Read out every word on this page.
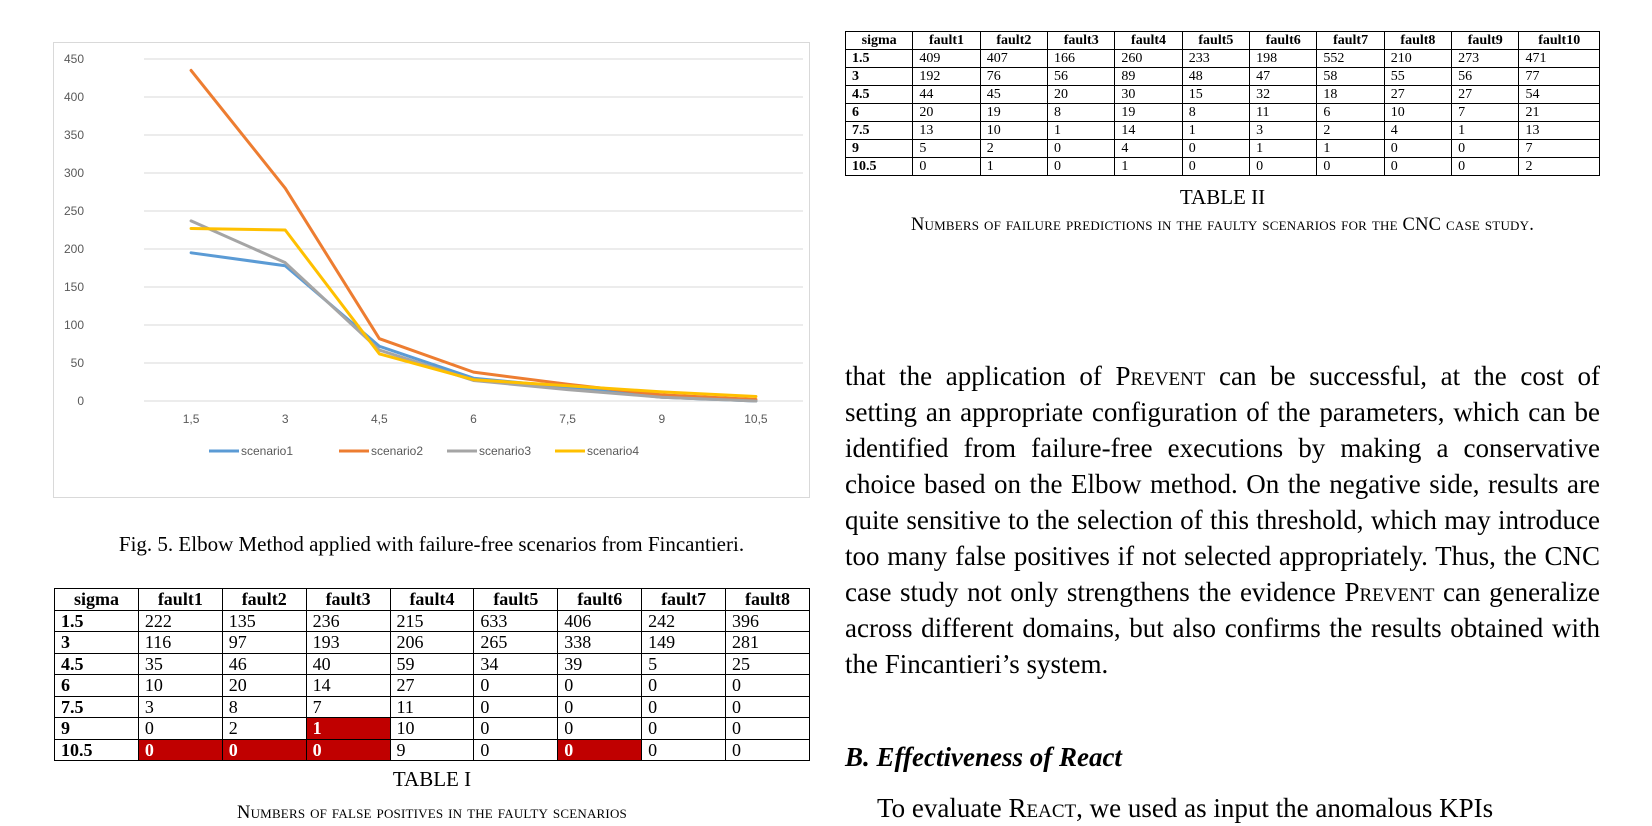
0
50
100
150
200
250
300
350
400
450
1,5	3	4,5	6	7,5	9	10,5
scenario1	scenario2	scenario3	scenario4
Fig. 5. Elbow Method applied with failure-free scenarios from Fincantieri.
sigma	fault1	fault2	fault3	fault4	fault5	fault6	fault7	fault8
1.5	222	135	236	215	633	406	242	396
3	116	97	193	206	265	338	149	281
4.5	35	46	40	59	34	39	5	25
6	10	20	14	27	0	0	0	0
7.5	3	8	7	11	0	0	0	0
9	0	2	1	10	0	0	0	0
10.5	0	0	0	9	0	0	0	0
TABLE I
Numbers of false positives in the faulty scenarios
sigma	fault1	fault2	fault3	fault4	fault5	fault6	fault7	fault8	fault9	fault10
1.5	409	407	166	260	233	198	552	210	273	471
3	192	76	56	89	48	47	58	55	56	77
4.5	44	45	20	30	15	32	18	27	27	54
6	20	19	8	19	8	11	6	10	7	21
7.5	13	10	1	14	1	3	2	4	1	13
9	5	2	0	4	0	1	1	0	0	7
10.5	0	1	0	1	0	0	0	0	0	2
TABLE II
Numbers of failure predictions in the faulty scenarios for the CNC case study.

that the application of Prevent can be successful, at the cost of setting an appropriate configuration of the parameters, which can be identified from failure-free executions by making a conservative choice based on the Elbow method. On the negative side, results are quite sensitive to the selection of this threshold, which may introduce too many false positives if not selected appropriately. Thus, the CNC case study not only strengthens the evidence Prevent can generalize across different domains, but also confirms the results obtained with the Fincantieri’s system.

B. Effectiveness of React

To evaluate React, we used as input the anomalous KPIs
